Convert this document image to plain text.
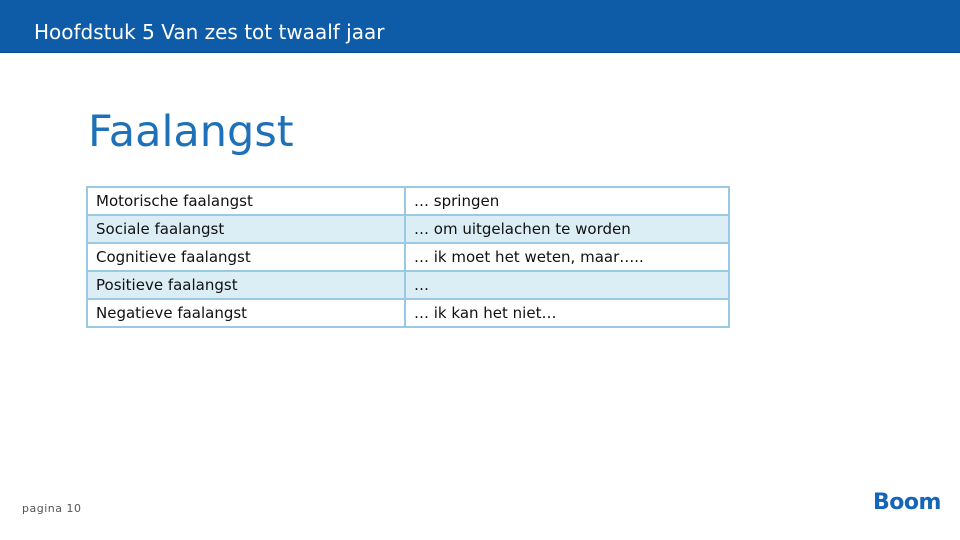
Hoofdstuk 5 Van zes tot twaalf jaar
Faalangst
Motorische faalangst	… springen
Sociale faalangst	… om uitgelachen te worden
Cognitieve faalangst	… ik moet het weten, maar…..
Positieve faalangst	…
Negatieve faalangst	… ik kan het niet…
pagina 10	Boom
